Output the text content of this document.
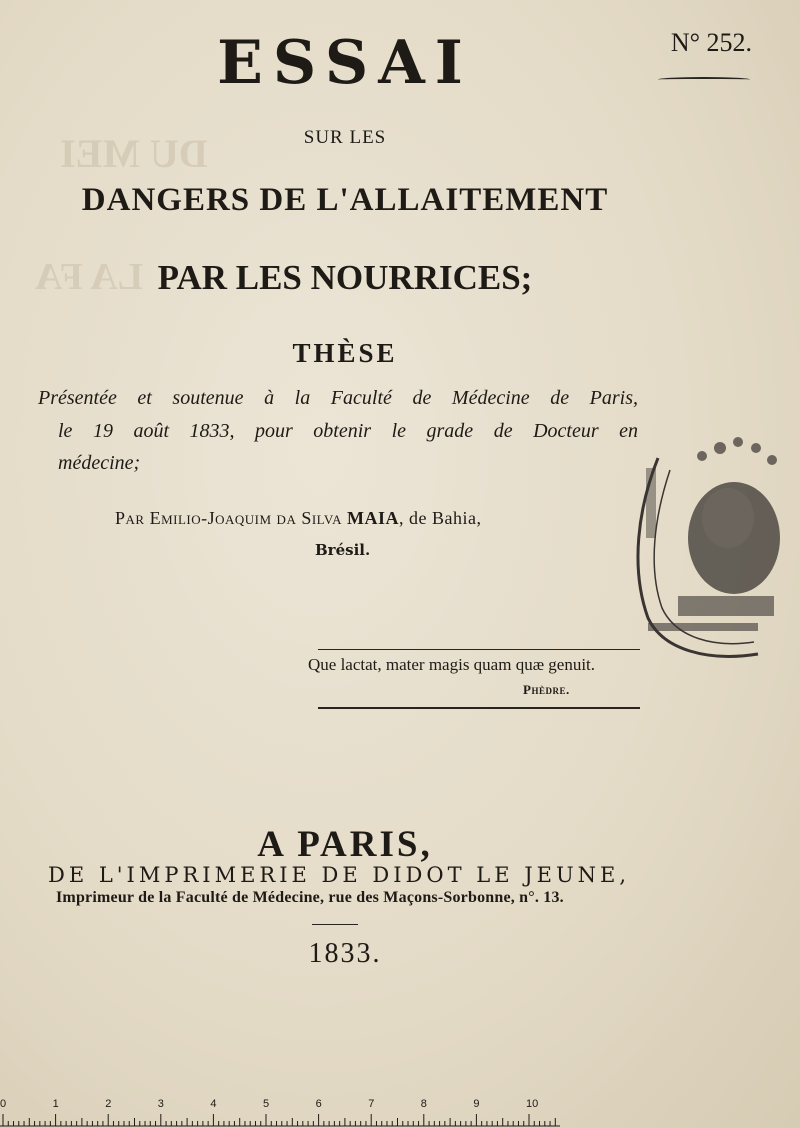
DU MEI
LA FA
N° 252.
ESSAI
SUR LES
DANGERS DE L'ALLAITEMENT
PAR LES NOURRICES;
THÈSE
Présentée et soutenue à la Faculté de Médecine de Paris,
le 19 août 1833, pour obtenir le grade de Docteur en
médecine;
Par Emilio-Joaquim da Silva MAIA, de Bahia,
Brésil.
Que lactat, mater magis quam quæ genuit.
Phèdre.
A PARIS,
DE L'IMPRIMERIE DE DIDOT LE JEUNE,
Imprimeur de la Faculté de Médecine, rue des Maçons-Sorbonne, n°. 13.
1833.
0	1	2	3	4	5	6	7	8	9	10
